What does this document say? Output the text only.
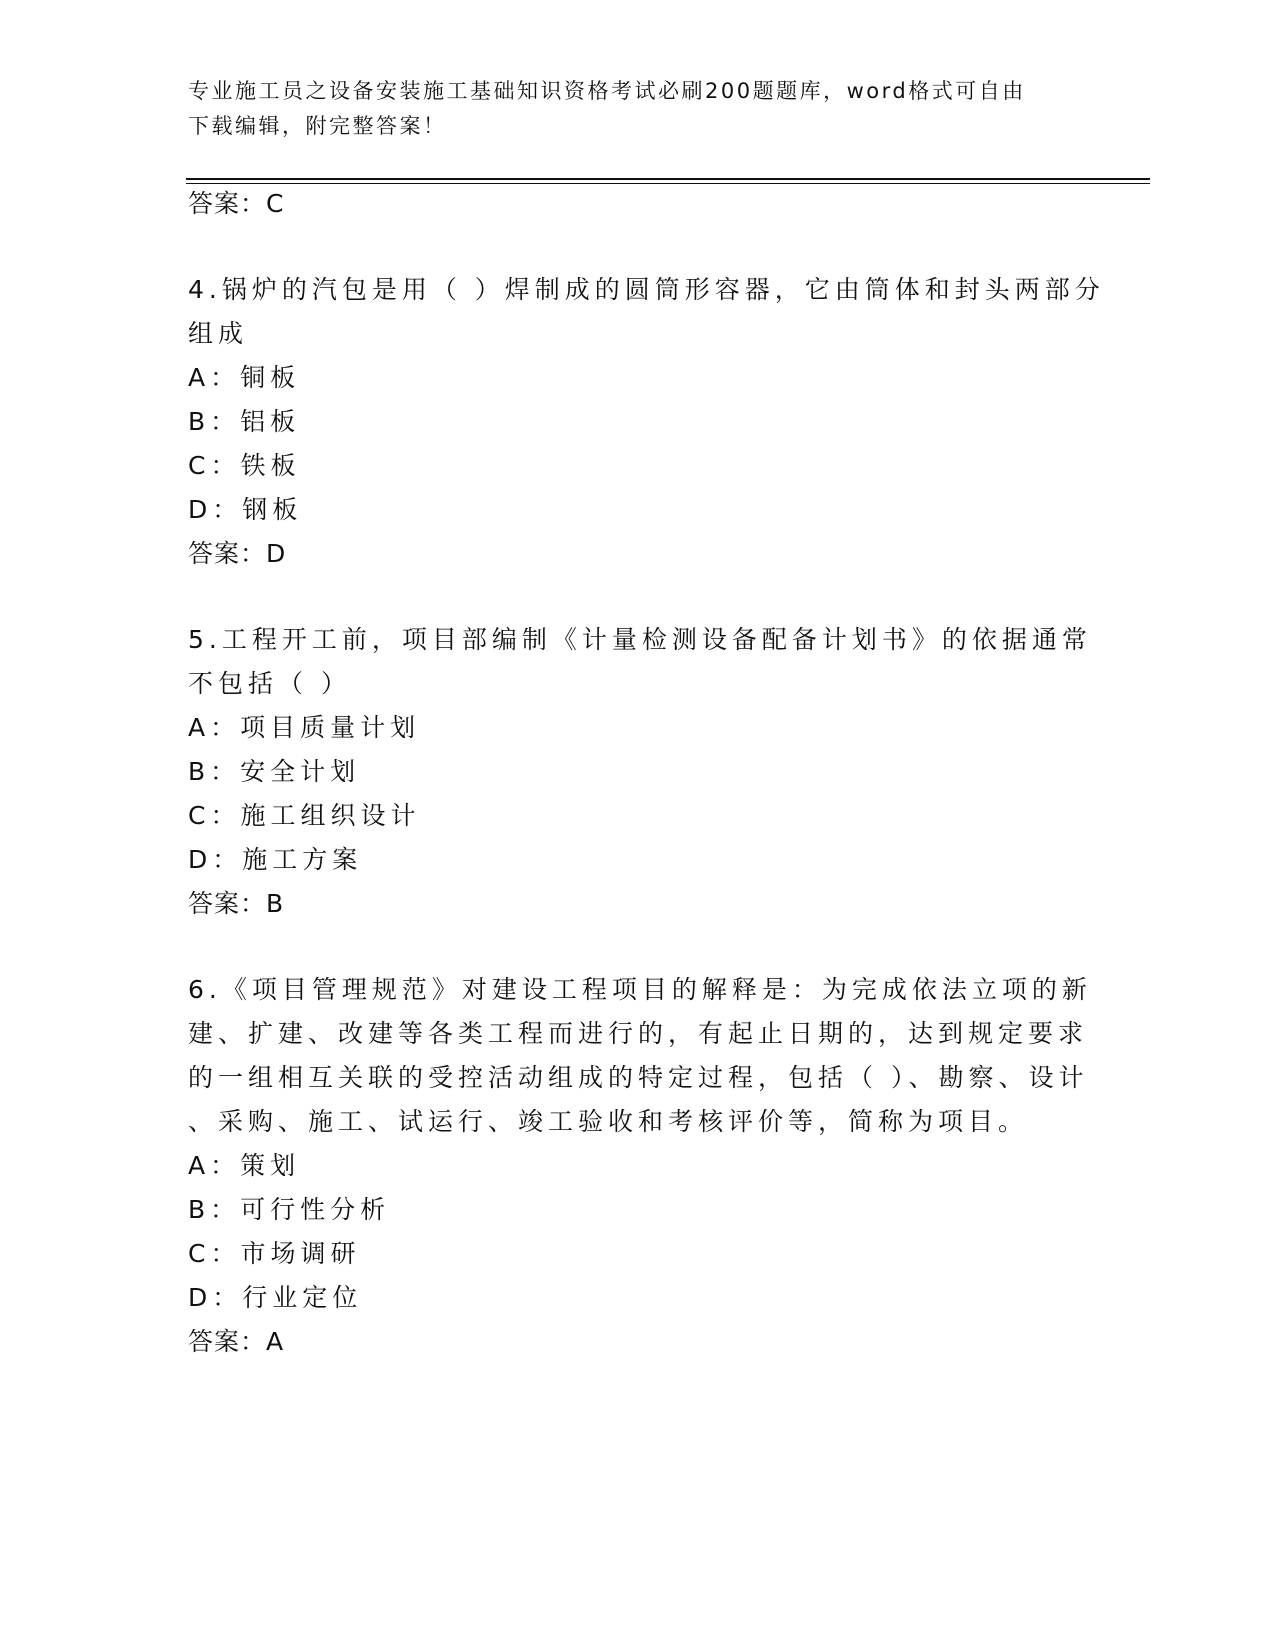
专业施工员之设备安装施工基础知识资格考试必刷200题题库，word格式可自由
下载编辑，附完整答案！
答案：C
4.锅炉的汽包是用（ ）焊制成的圆筒形容器，它由筒体和封头两部分
组成
A：铜板
B：铝板
C：铁板
D：钢板
答案：D
5.工程开工前，项目部编制《计量检测设备配备计划书》的依据通常
不包括（ ）
A：项目质量计划
B：安全计划
C：施工组织设计
D：施工方案
答案：B
6.《项目管理规范》对建设工程项目的解释是：为完成依法立项的新
建、扩建、改建等各类工程而进行的，有起止日期的，达到规定要求
的一组相互关联的受控活动组成的特定过程，包括（ ）、勘察、设计
、采购、施工、试运行、竣工验收和考核评价等，简称为项目。
A：策划
B：可行性分析
C：市场调研
D：行业定位
答案：A
